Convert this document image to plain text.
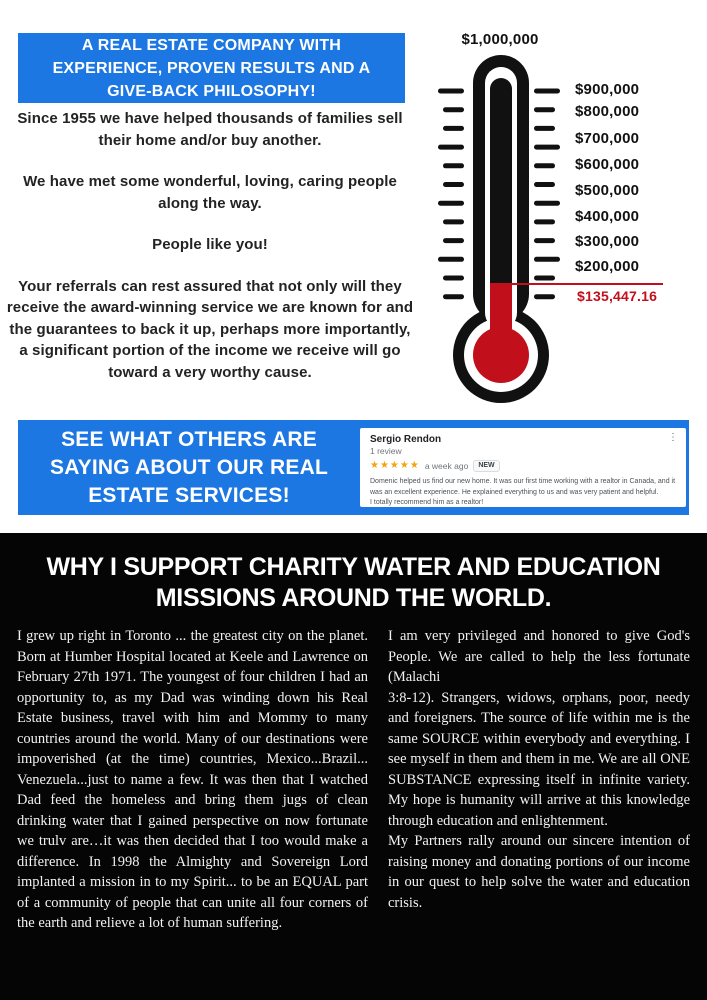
A REAL ESTATE COMPANY WITH EXPERIENCE, PROVEN RESULTS AND A GIVE-BACK PHILOSOPHY!

Since 1955 we have helped thousands of families sell their home and/or buy another.

We have met some wonderful, loving, caring people along the way.

People like you!

Your referrals can rest assured that not only will they receive the award-winning service we are known for and the guarantees to back it up, perhaps more importantly, a significant portion of the income we receive will go toward a very worthy cause.

$1,000,000
$900,000
$800,000
$700,000
$600,000
$500,000
$400,000
$300,000
$200,000
$135,447.16
SEE WHAT OTHERS ARE SAYING ABOUT OUR REAL ESTATE SERVICES!
Sergio Rendon
1 review
★★★★★ a week ago	NEW

Domenic helped us find our new home. It was our first time working with a realtor in Canada, and it was an excellent experience. He explained everything to us and was very patient and helpful.

I totally recommend him as a realtor!

⋮
WHY I SUPPORT CHARITY WATER AND EDUCATION MISSIONS AROUND THE WORLD.

I grew up right in Toronto ... the greatest city on the planet. Born at Humber Hospital located at Keele and Lawrence on February 27th 1971. The youngest of four children I had an opportunity to, as my Dad was winding down his Real Estate business, travel with him and Mommy to many countries around the world. Many of our destinations were impoverished (at the time) countries, Mexico...Brazil... Venezuela...just to name a few. It was then that I watched Dad feed the homeless and bring them jugs of clean drinking water that I gained perspective on now fortunate we trulv are…it was then decided that I too would make a difference. In 1998 the Almighty and Sovereign Lord implanted a mission in to my Spirit... to be an EQUAL part of a community of people that can unite all four corners of the earth and relieve a lot of human suffering.

I am very privileged and honored to give God's People. We are called to help the less fortunate (Malachi

3:8-12). Strangers, widows, orphans, poor, needy and foreigners. The source of life within me is the same SOURCE within everybody and everything. I see myself in them and them in me. We are all ONE SUBSTANCE expressing itself in infinite variety. My hope is humanity will arrive at this knowledge through education and enlightenment.

My Partners rally around our sincere intention of raising money and donating portions of our income in our quest to help solve the water and education crisis.
